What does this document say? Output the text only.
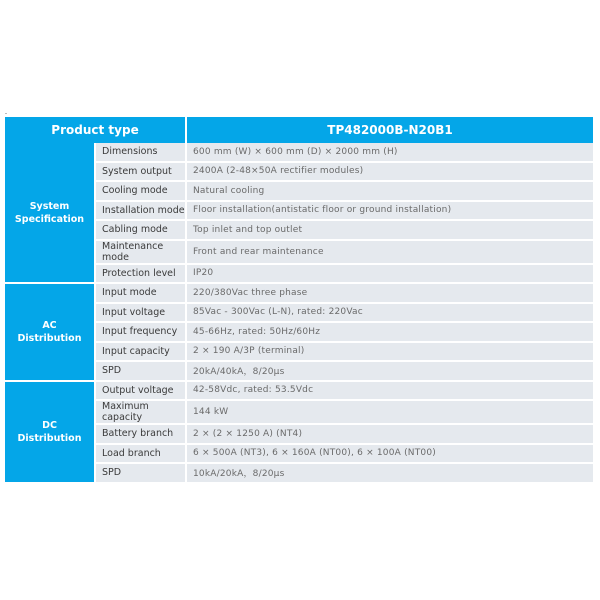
Product type		TP482000B-N20B1
System
Specification	Dimensions	600 mm (W) × 600 mm (D) × 2000 mm (H)
	System output	2400A (2-48×50A rectifier modules)
	Cooling mode	Natural cooling
	Installation mode	Floor installation(antistatic floor or ground installation)
	Cabling mode	Top inlet and top outlet
	Maintenance mode	Front and rear maintenance
	Protection level	IP20
AC
Distribution	Input mode	220/380Vac three phase
	Input voltage	85Vac - 300Vac (L-N), rated: 220Vac
	Input frequency	45-66Hz, rated: 50Hz/60Hz
	Input capacity	2 × 190 A/3P (terminal)
	SPD	20kA/40kA，8/20μs
DC
Distribution	Output voltage	42-58Vdc, rated: 53.5Vdc
	Maximum capacity	144 kW
	Battery branch	2 × (2 × 1250 A) (NT4)
	Load branch	6 × 500A (NT3), 6 × 160A (NT00), 6 × 100A (NT00)
	SPD	10kA/20kA，8/20μs
